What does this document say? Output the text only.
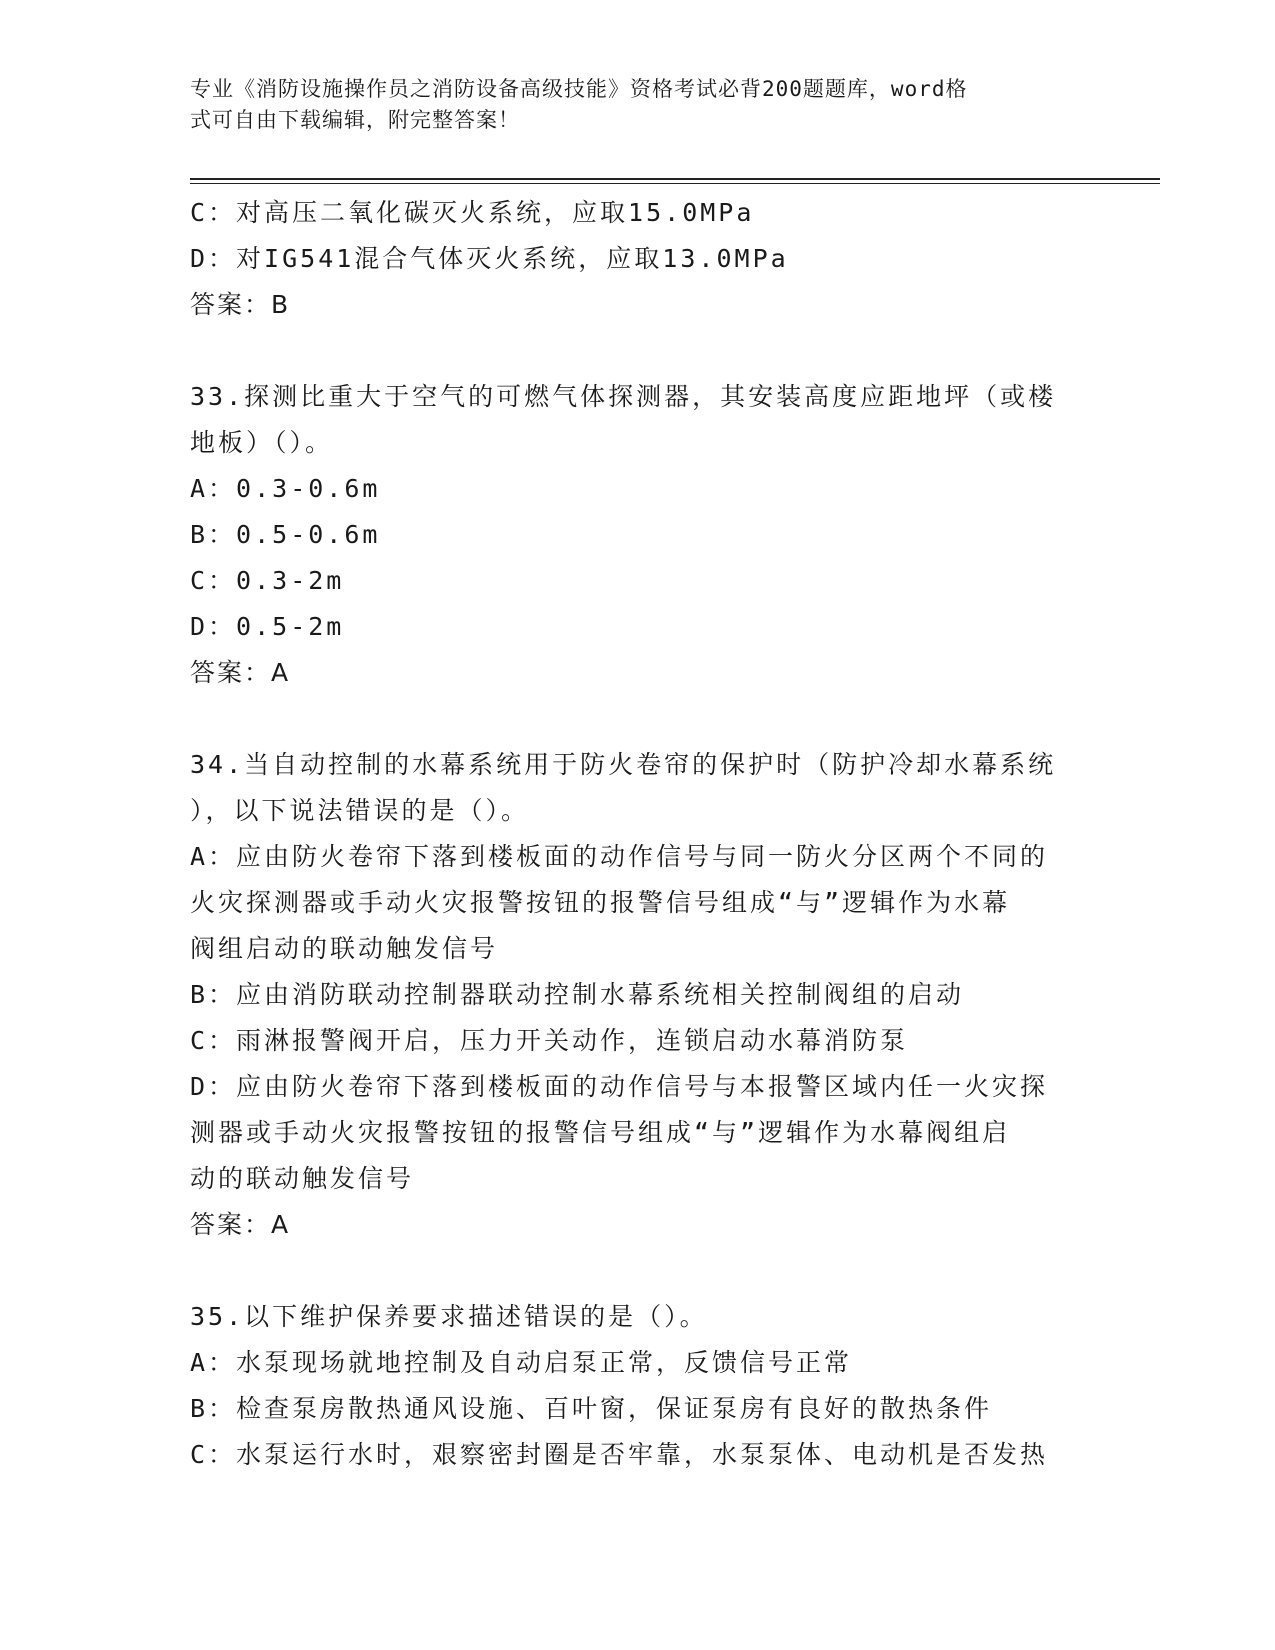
专业《消防设施操作员之消防设备高级技能》资格考试必背200题题库，word格
式可自由下载编辑，附完整答案！
C：对高压二氧化碳灭火系统，应取15.0MPa
D：对IG541混合气体灭火系统，应取13.0MPa
答案：B
33.探测比重大于空气的可燃气体探测器，其安装高度应距地坪（或楼
地板）（）。
A：0.3-0.6m
B：0.5-0.6m
C：0.3-2m
D：0.5-2m
答案：A
34.当自动控制的水幕系统用于防火卷帘的保护时（防护冷却水幕系统
），以下说法错误的是（）。
A：应由防火卷帘下落到楼板面的动作信号与同一防火分区两个不同的
火灾探测器或手动火灾报警按钮的报警信号组成“与”逻辑作为水幕
阀组启动的联动触发信号
B：应由消防联动控制器联动控制水幕系统相关控制阀组的启动
C：雨淋报警阀开启，压力开关动作，连锁启动水幕消防泵
D：应由防火卷帘下落到楼板面的动作信号与本报警区域内任一火灾探
测器或手动火灾报警按钮的报警信号组成“与”逻辑作为水幕阀组启
动的联动触发信号
答案：A
35.以下维护保养要求描述错误的是（）。
A：水泵现场就地控制及自动启泵正常，反馈信号正常
B：检查泵房散热通风设施、百叶窗，保证泵房有良好的散热条件
C：水泵运行水时，艰察密封圈是否牢靠，水泵泵体、电动机是否发热
